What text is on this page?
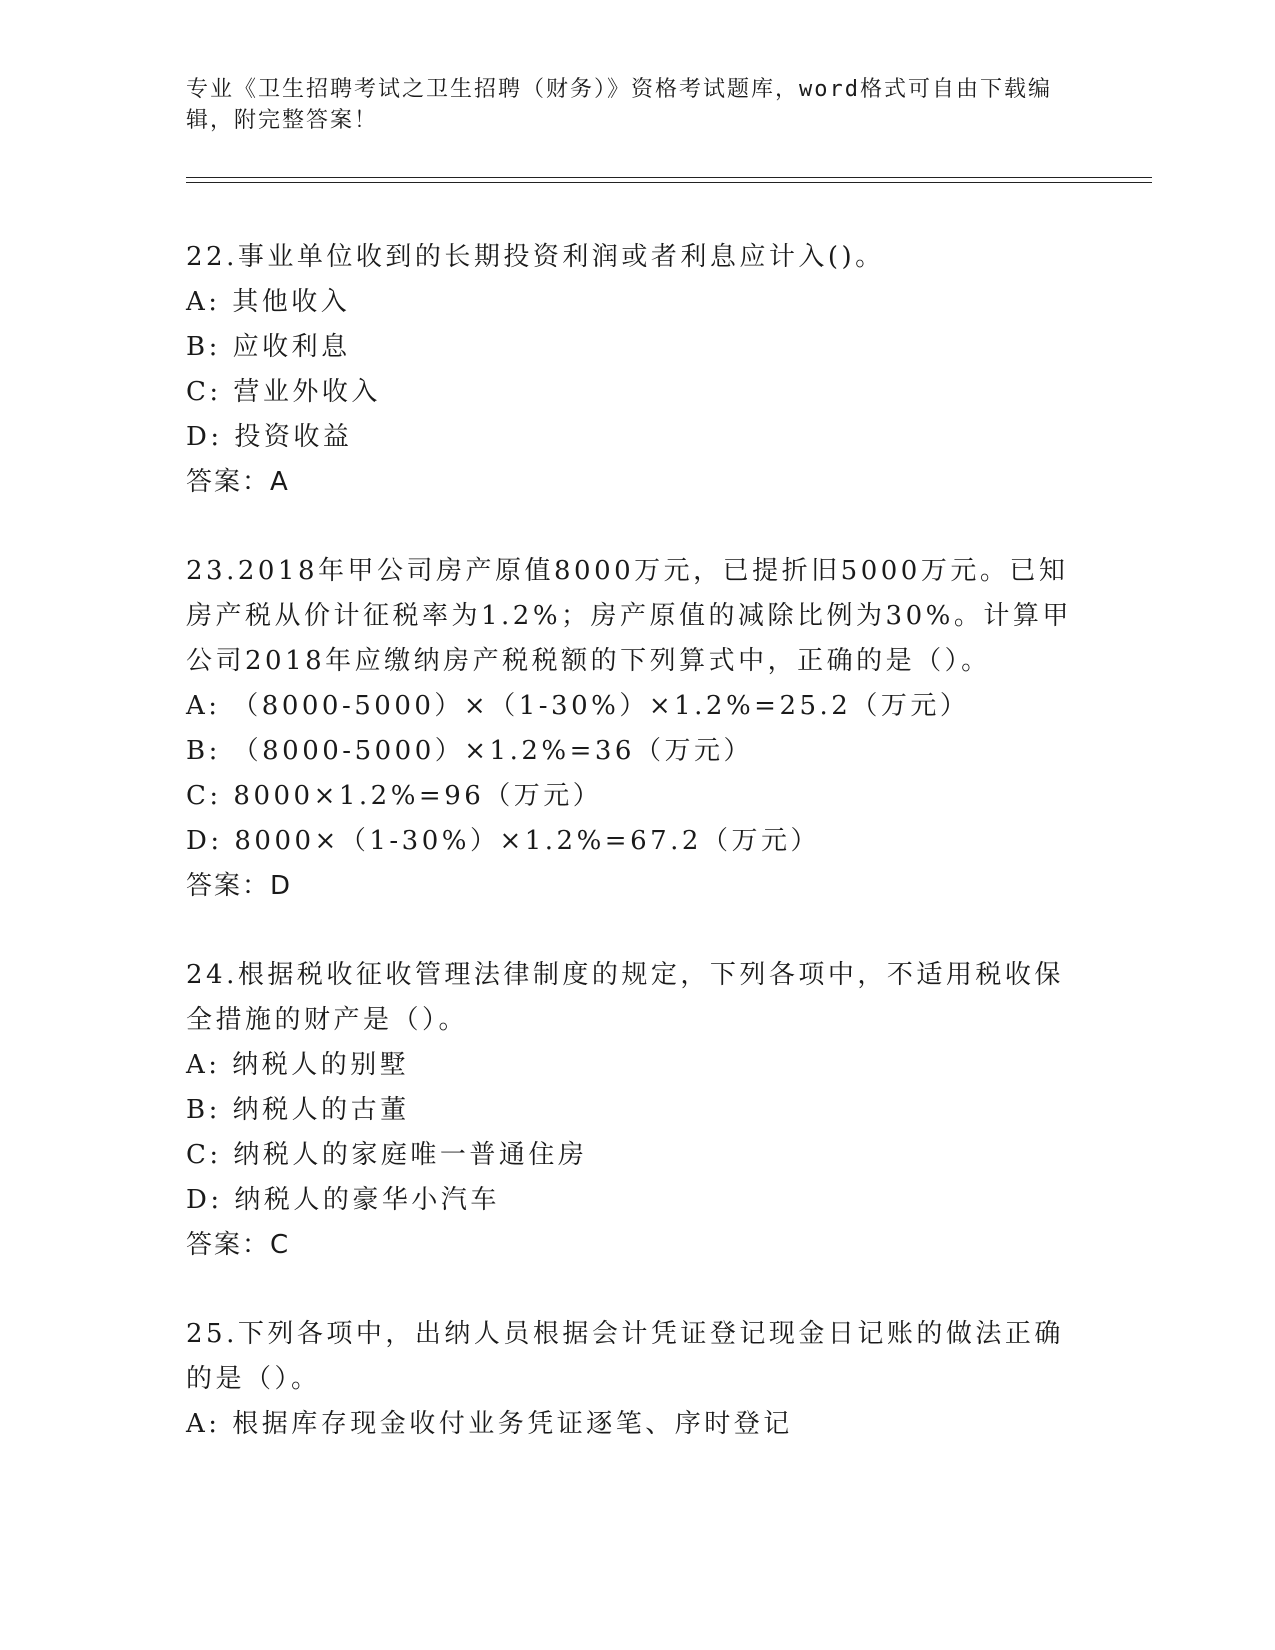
专业《卫生招聘考试之卫生招聘（财务）》资格考试题库，word格式可自由下载编辑，附完整答案！

22.事业单位收到的长期投资利润或者利息应计入()。

A: 其他收入

B: 应收利息

C: 营业外收入

D: 投资收益

答案：A

23.2018年甲公司房产原值8000万元，已提折旧5000万元。已知房产税从价计征税率为1.2%；房产原值的减除比例为30%。计算甲公司2018年应缴纳房产税税额的下列算式中，正确的是（）。

A: （8000-5000）×（1-30%）×1.2%=25.2（万元）

B: （8000-5000）×1.2%=36（万元）

C: 8000×1.2%=96（万元）

D: 8000×（1-30%）×1.2%=67.2（万元）

答案：D

24.根据税收征收管理法律制度的规定，下列各项中，不适用税收保全措施的财产是（）。

A: 纳税人的别墅

B: 纳税人的古董

C: 纳税人的家庭唯一普通住房

D: 纳税人的豪华小汽车

答案：C

25.下列各项中，出纳人员根据会计凭证登记现金日记账的做法正确的是（）。

A: 根据库存现金收付业务凭证逐笔、序时登记
